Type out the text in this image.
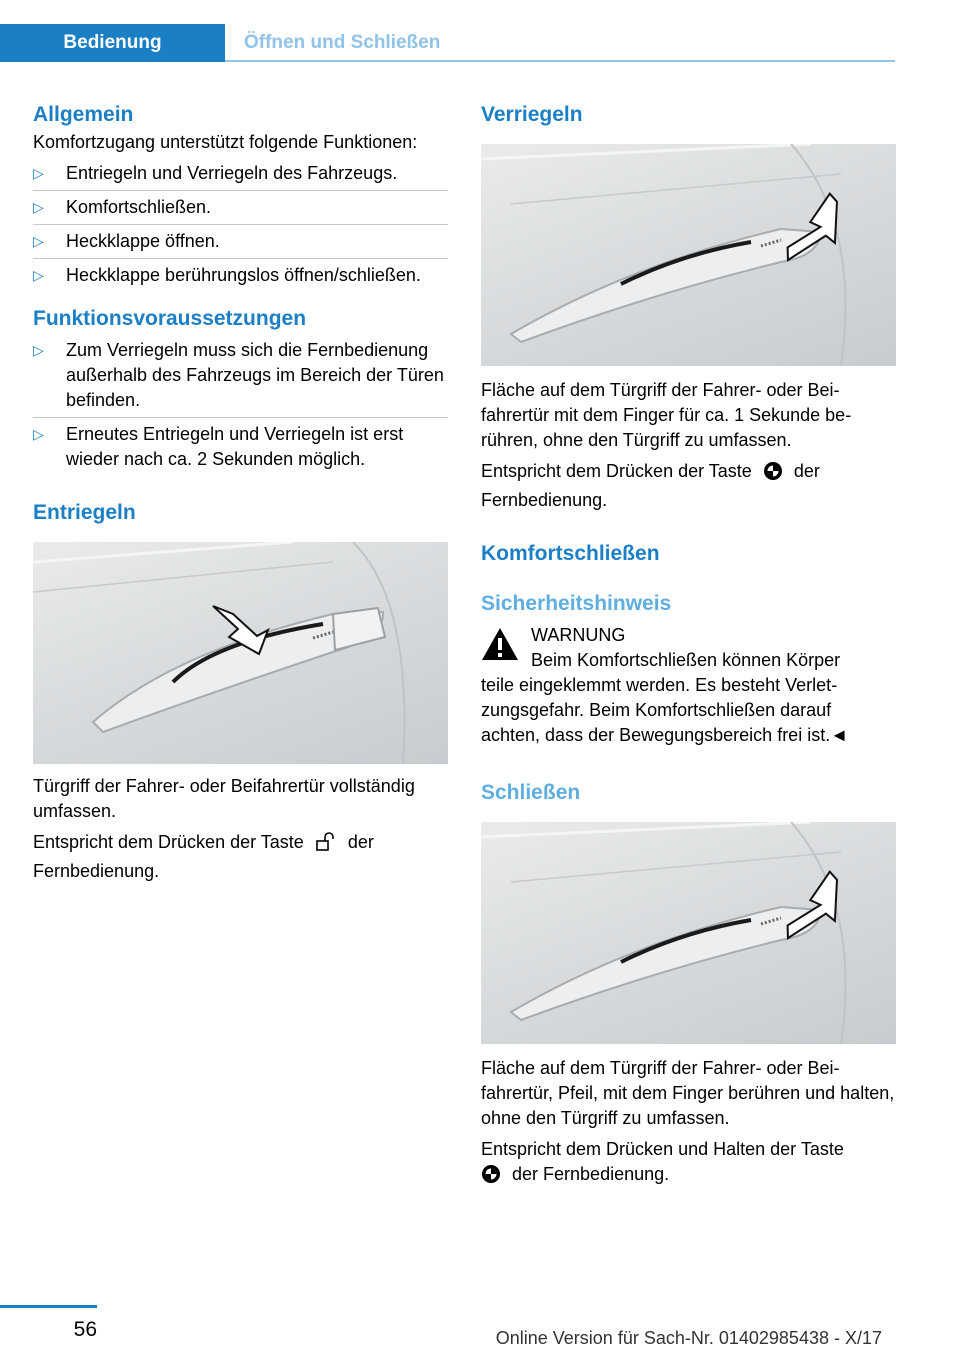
Bedienung	Öffnen und Schließen
Allgemein

Komfortzugang unterstützt folgende Funktionen:

▷	Entriegeln und Verriegeln des Fahrzeugs.
▷	Komfortschließen.
▷	Heckklappe öffnen.
▷	Heckklappe berührungslos öffnen/schließen.
Funktionsvoraussetzungen
▷	Zum Verriegeln muss sich die Fernbedienung außerhalb des Fahrzeugs im Bereich der Türen befinden.
▷	Erneutes Entriegeln und Verriegeln ist erst wieder nach ca. 2 Sekunden möglich.
Entriegeln

Türgriff der Fahrer- oder Beifahrertür vollständig umfassen.

Entspricht dem Drücken der Taste der Fernbedienung.

Verriegeln

Fläche auf dem Türgriff der Fahrer- oder Beifahrertür mit dem Finger für ca. 1 Sekunde berühren, ohne den Türgriff zu umfassen.

Entspricht dem Drücken der Taste der Fernbedienung.

Komfortschließen
Sicherheitshinweis

WARNUNG

Beim Komfortschließen können Körper

teile eingeklemmt werden. Es besteht Verletzungsgefahr. Beim Komfortschließen darauf achten, dass der Bewegungsbereich frei ist.◄

Schließen

Fläche auf dem Türgriff der Fahrer- oder Beifahrertür, Pfeil, mit dem Finger berühren und halten, ohne den Türgriff zu umfassen.

Entspricht dem Drücken und Halten der Taste
der Fernbedienung.

56	Online Version für Sach-Nr. 01402985438 - X/17
